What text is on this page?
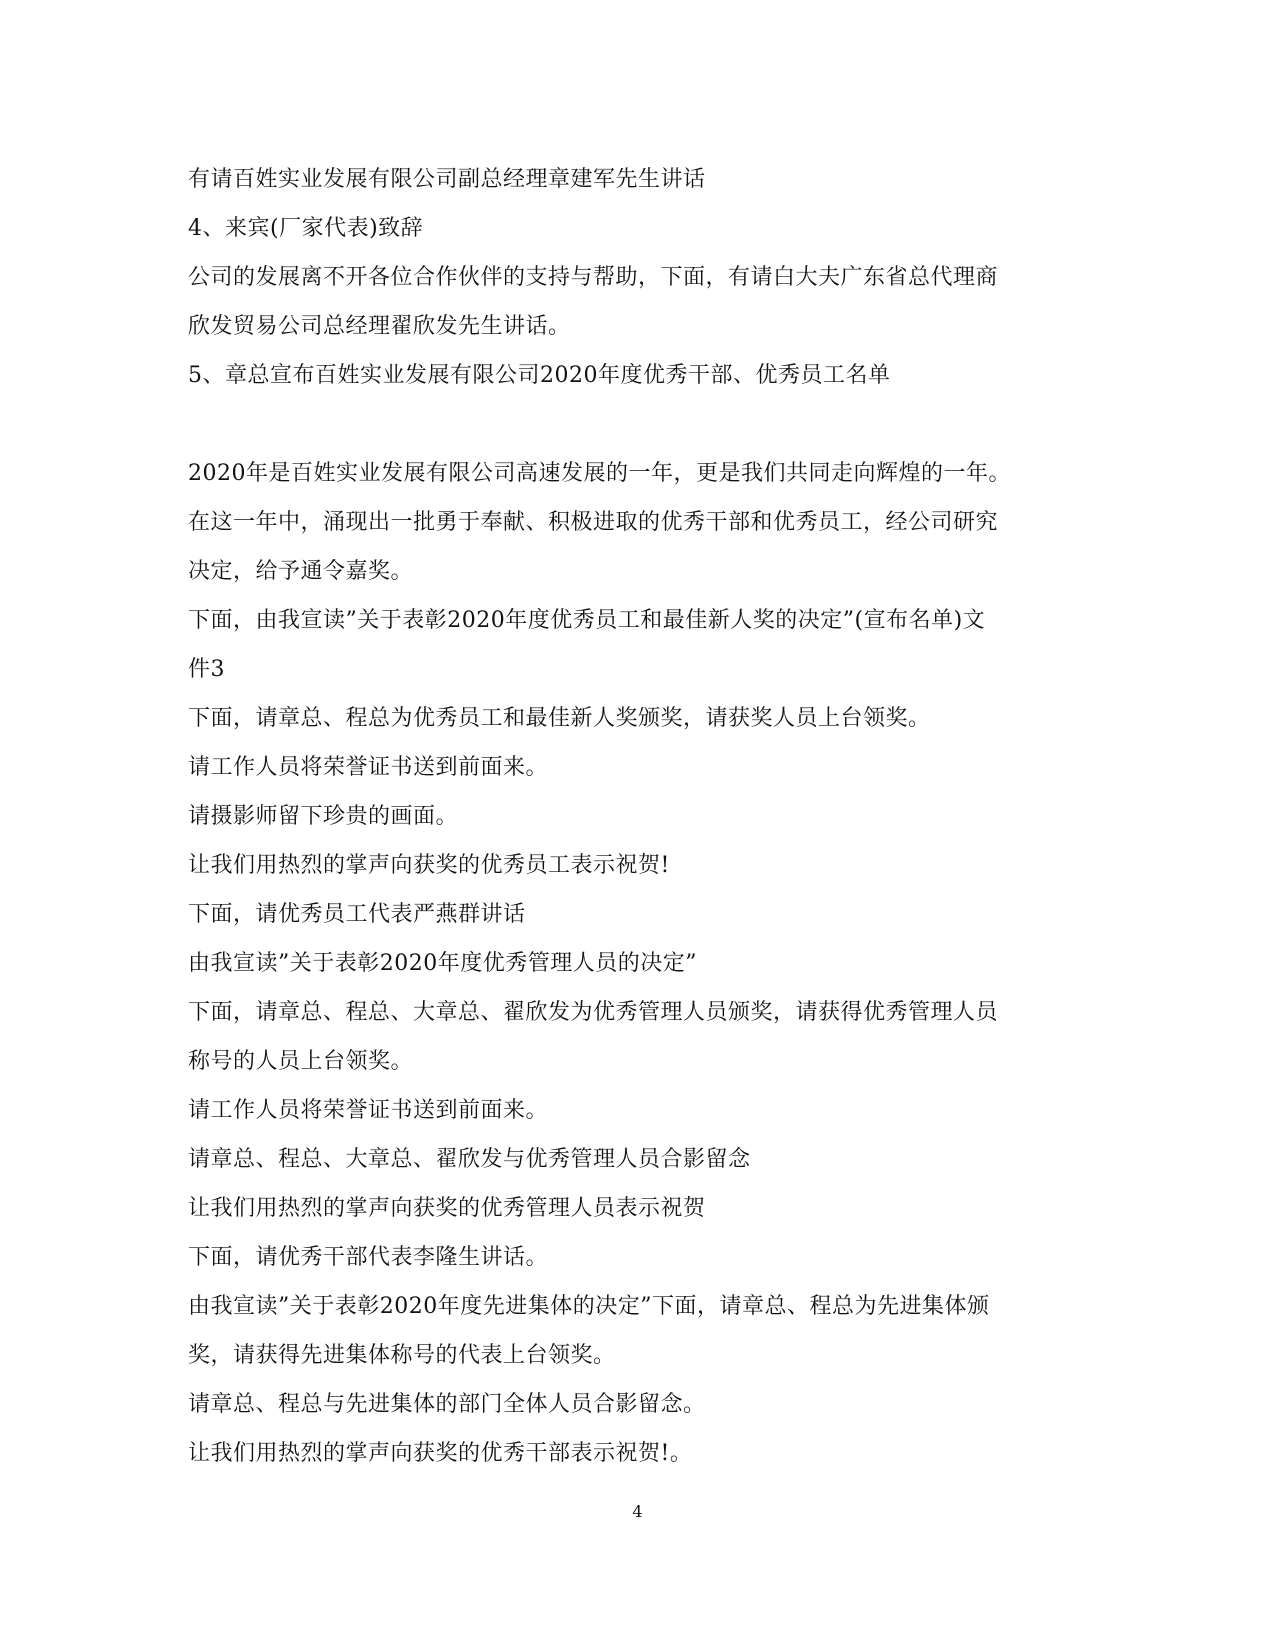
有请百姓实业发展有限公司副总经理章建军先生讲话
4、来宾(厂家代表)致辞
公司的发展离不开各位合作伙伴的支持与帮助，下面，有请白大夫广东省总代理商
欣发贸易公司总经理翟欣发先生讲话。
5、章总宣布百姓实业发展有限公司2020年度优秀干部、优秀员工名单
2020年是百姓实业发展有限公司高速发展的一年，更是我们共同走向辉煌的一年。
在这一年中，涌现出一批勇于奉献、积极进取的优秀干部和优秀员工，经公司研究
决定，给予通令嘉奖。
下面，由我宣读”关于表彰2020年度优秀员工和最佳新人奖的决定”(宣布名单)文
件3
下面，请章总、程总为优秀员工和最佳新人奖颁奖，请获奖人员上台领奖。
请工作人员将荣誉证书送到前面来。
请摄影师留下珍贵的画面。
让我们用热烈的掌声向获奖的优秀员工表示祝贺!
下面，请优秀员工代表严燕群讲话
由我宣读”关于表彰2020年度优秀管理人员的决定”
下面，请章总、程总、大章总、翟欣发为优秀管理人员颁奖，请获得优秀管理人员
称号的人员上台领奖。
请工作人员将荣誉证书送到前面来。
请章总、程总、大章总、翟欣发与优秀管理人员合影留念
让我们用热烈的掌声向获奖的优秀管理人员表示祝贺
下面，请优秀干部代表李隆生讲话。
由我宣读”关于表彰2020年度先进集体的决定”下面，请章总、程总为先进集体颁
奖，请获得先进集体称号的代表上台领奖。
请章总、程总与先进集体的部门全体人员合影留念。
让我们用热烈的掌声向获奖的优秀干部表示祝贺!。
4
